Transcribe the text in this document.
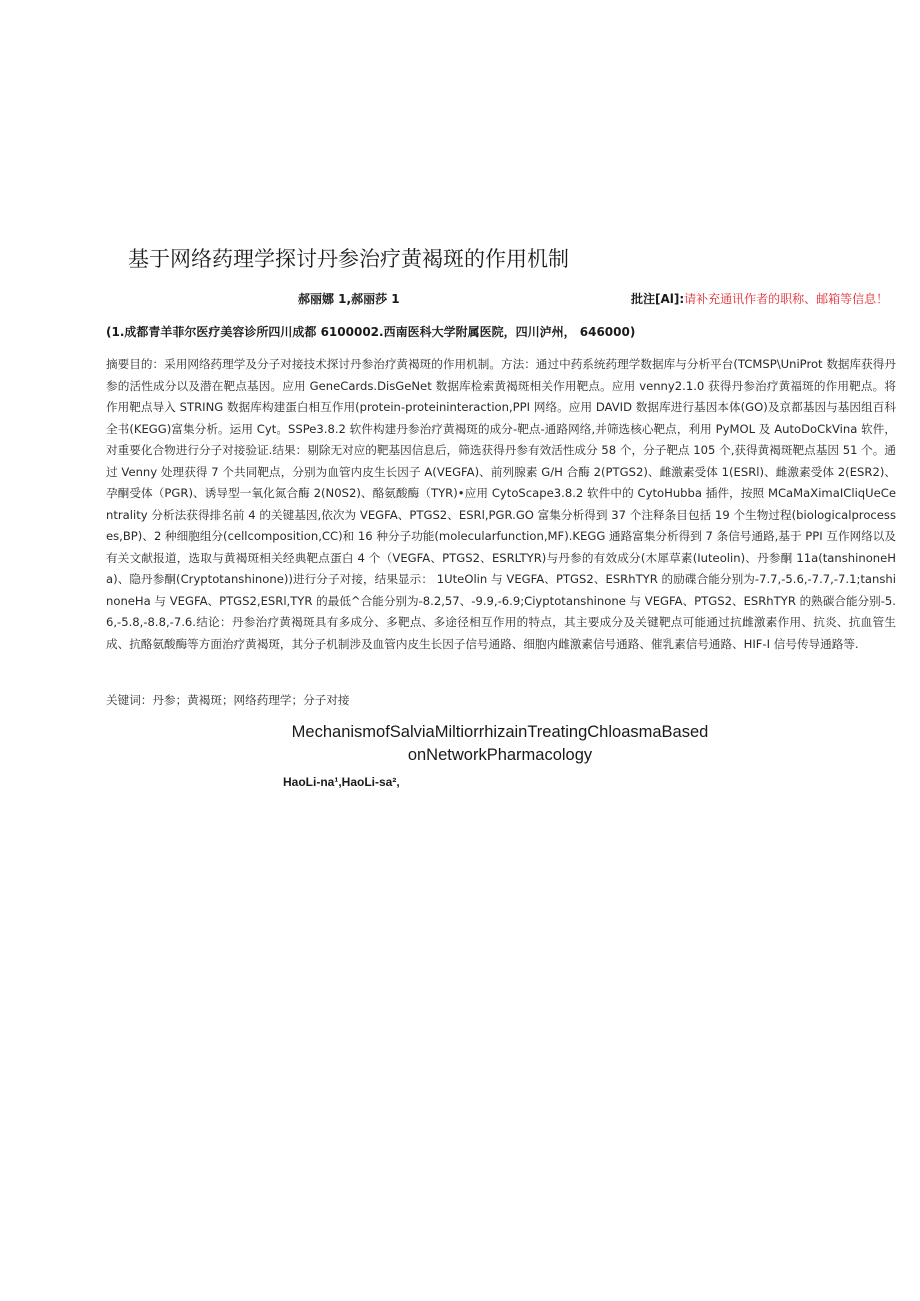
基于网络药理学探讨丹参治疗黄褐斑的作用机制
郝丽娜 1,郝丽莎 1	批注[Al]:请补充通讯作者的职称、邮箱等信息！
(1.成都青羊菲尔医疗美容诊所四川成都 6100002.西南医科大学附属医院，四川泸州， 646000)

摘要目的：采用网络药理学及分子对接技术探讨丹参治疗黄褐斑的作用机制。方法：通过中药系统药理学数据库与分析平台(TCMSP\UniProt 数据库获得丹参的活性成分以及潜在靶点基因。应用 GeneCards.DisGeNet 数据库检索黄褐斑相关作用靶点。应用 venny2.1.0 获得丹参治疗黄福斑的作用靶点。将作用靶点导入 STRING 数据库构建蛋白相互作用(protein-proteininteraction,PPI 网络。应用 DAVID 数据库进行基因本体(GO)及京都基因与基因组百科全书(KEGG)富集分析。运用 Cyt。SSPe3.8.2 软件构建丹参治疗黄褐斑的成分-靶点-通路网络,并筛选核心靶点，利用 PyMOL 及 AutoDoCkVina 软件，对重要化合物进行分子对接验证.结果：剔除无对应的靶基因信息后，筛选获得丹参有效活性成分 58 个，分子靶点 105 个,获得黄褐斑靶点基因 51 个。通过 Venny 处理获得 7 个共同靶点，分别为血管内皮生长因子 A(VEGFA)、前列腺素 G/H 合酶 2(PTGS2)、雌激素受体 1(ESRl)、雌激素受体 2(ESR2)、孕酮受体（PGR)、诱导型一氧化氮合酶 2(N0S2)、酪氨酸酶（TYR)•应用 CytoScape3.8.2 软件中的 CytoHubba 插件，按照 MCaMaXimaICliqUeCentrality 分析法获得排名前 4 的关键基因,依次为 VEGFA、PTGS2、ESRl,PGR.GO 富集分析得到 37 个注释条目包括 19 个生物过程(biologicalprocesses,BP)、2 种细胞组分(cellcomposition,CC)和 16 种分子功能(molecularfunction,MF).KEGG 通路富集分析得到 7 条信号通路,基于 PPI 互作网络以及有关文献报道，选取与黄褐斑相关经典靶点蛋白 4 个（VEGFA、PTGS2、ESRLTYR)与丹参的有效成分(木犀草素(Iuteolin)、丹参酮 11a(tanshinoneHa)、隐丹参酮(Cryptotanshinone))进行分子对接，结果显示： 1UteOlin 与 VEGFA、PTGS2、ESRhTYR 的励碟合能分别为-7.7,-5.6,-7.7,-7.1;tanshinoneHa 与 VEGFA、PTGS2,ESRl,TYR 的最低^合能分别为-8.2,57、-9.9,-6.9;Ciyptotanshinone 与 VEGFA、PTGS2、ESRhTYR 的熟碳合能分别-5.6,-5.8,-8.8,-7.6.结论：丹参治疗黄褐斑具有多成分、多靶点、多途径相互作用的特点，其主要成分及关键靶点可能通过抗雌激素作用、抗炎、抗血管生成、抗酪氨酸酶等方面治疗黄褐斑，其分子机制涉及血管内皮生长因子信号通路、细胞内雌激素信号通路、催乳素信号通路、HIF-I 信号传导通路等.

关键词：丹参；黄褐斑；网络药理学；分子对接
MechanismofSalviaMiltiorrhizainTreatingChloasmaBased
onNetworkPharmacology
HaoLi-na¹,HaoLi-sa²,
